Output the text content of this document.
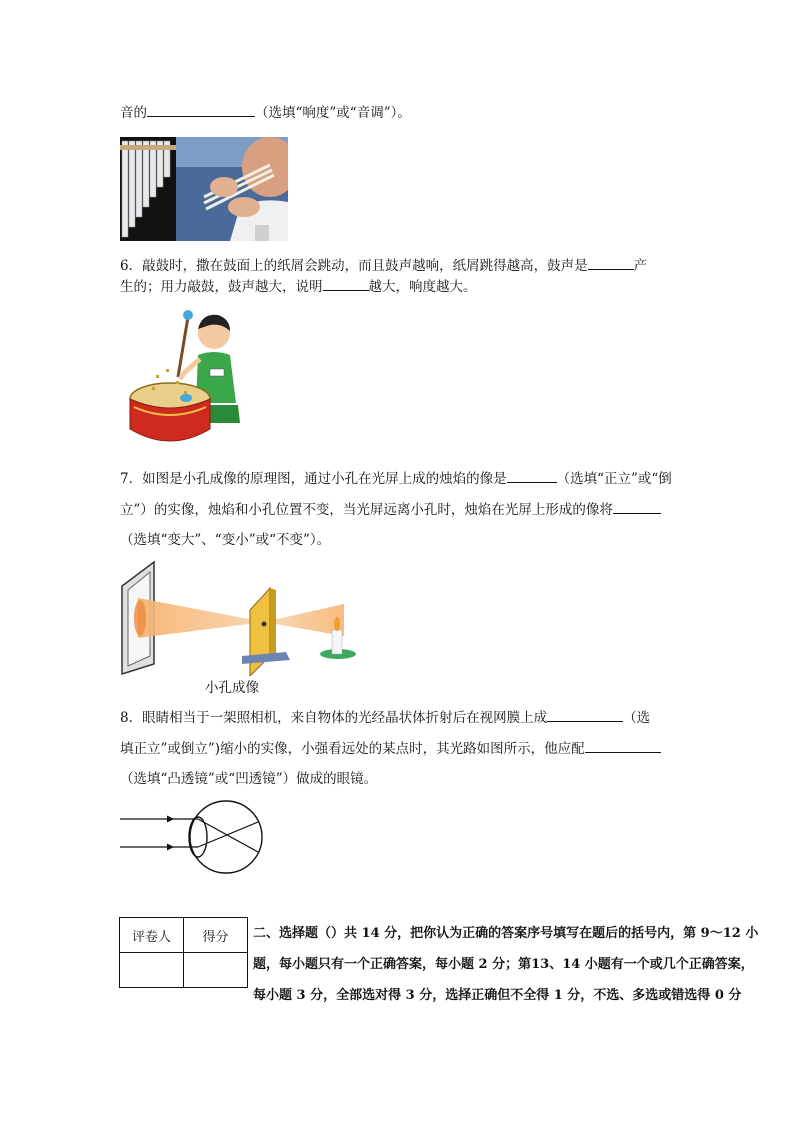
音的	（选填“响度”或“音调”）。
6．敲鼓时，撒在鼓面上的纸屑会跳动，而且鼓声越响，纸屑跳得越高，鼓声是	产
生的；用力敲鼓，鼓声越大，说明	越大，响度越大。
7．如图是小孔成像的原理图，通过小孔在光屏上成的烛焰的像是	（选填“正立”或“倒
立”）的实像，烛焰和小孔位置不变，当光屏远离小孔时，烛焰在光屏上形成的像将
（选填“变大”、“变小”或“不变”）。
小孔成像
8．眼睛相当于一架照相机，来自物体的光经晶状体折射后在视网膜上成	（选
填正立”或倒立”)缩小的实像，小强看远处的某点时，其光路如图所示，他应配
（选填“凸透镜”或“凹透镜”）做成的眼镜。
评卷人	得分
	二、选择题（）共 14 分，把你认为正确的答案序号填写在题后的括号内，第 9～12 小
题，每小题只有一个正确答案，每小题 2 分；第13、14 小题有一个或几个正确答案，
每小题 3 分，全部选对得 3 分，选择正确但不全得 1 分，不选、多选或错选得 0 分
